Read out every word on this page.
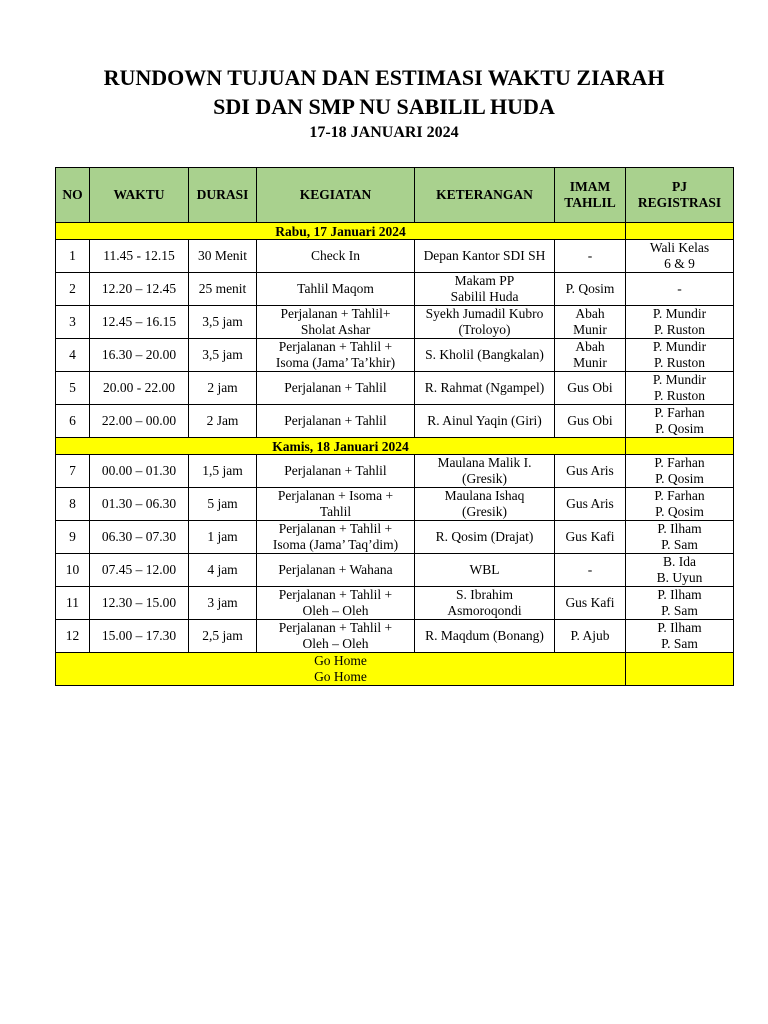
RUNDOWN TUJUAN DAN ESTIMASI WAKTU ZIARAH
SDI DAN SMP NU SABILIL HUDA
17-18 JANUARI 2024
NO	WAKTU	DURASI	KEGIATAN	KETERANGAN	IMAM
TAHLIL	PJ
REGISTRASI

Rabu, 17 Januari 2024						
1	11.45 - 12.15	30 Menit	Check In	Depan Kantor SDI SH	-	Wali Kelas
6 & 9

2	12.20 – 12.45	25 menit	Tahlil Maqom	Makam PP
Sabilil Huda	P. Qosim	-

3	12.45 – 16.15	3,5 jam	Perjalanan + Tahlil+
Sholat Ashar	Syekh Jumadil Kubro
(Troloyo)	Abah
Munir	P. Mundir
P. Ruston

4	16.30 – 20.00	3,5 jam	Perjalanan + Tahlil +
Isoma (Jama’ Ta’khir)	S. Kholil (Bangkalan)	Abah
Munir	P. Mundir
P. Ruston

5	20.00 - 22.00	2 jam	Perjalanan + Tahlil	R. Rahmat (Ngampel)	Gus Obi	P. Mundir
P. Ruston

6	22.00 – 00.00	2 Jam	Perjalanan + Tahlil	R. Ainul Yaqin (Giri)	Gus Obi	P. Farhan
P. Qosim

Kamis, 18 Januari 2024						
7	00.00 – 01.30	1,5 jam	Perjalanan + Tahlil	Maulana Malik I.
(Gresik)	Gus Aris	P. Farhan
P. Qosim

8	01.30 – 06.30	5 jam	Perjalanan + Isoma +
Tahlil	Maulana Ishaq
(Gresik)	Gus Aris	P. Farhan
P. Qosim

9	06.30 – 07.30	1 jam	Perjalanan + Tahlil +
Isoma (Jama’ Taq’dim)	R. Qosim (Drajat)	Gus Kafi	P. Ilham
P. Sam

10	07.45 – 12.00	4 jam	Perjalanan + Wahana	WBL	-	B. Ida
B. Uyun

11	12.30 – 15.00	3 jam	Perjalanan + Tahlil +
Oleh – Oleh	S. Ibrahim
Asmoroqondi	Gus Kafi	P. Ilham
P. Sam

12	15.00 – 17.30	2,5 jam	Perjalanan + Tahlil +
Oleh – Oleh	R. Maqdum (Bonang)	P. Ajub	P. Ilham
P. Sam

Go Home
Go Home						
